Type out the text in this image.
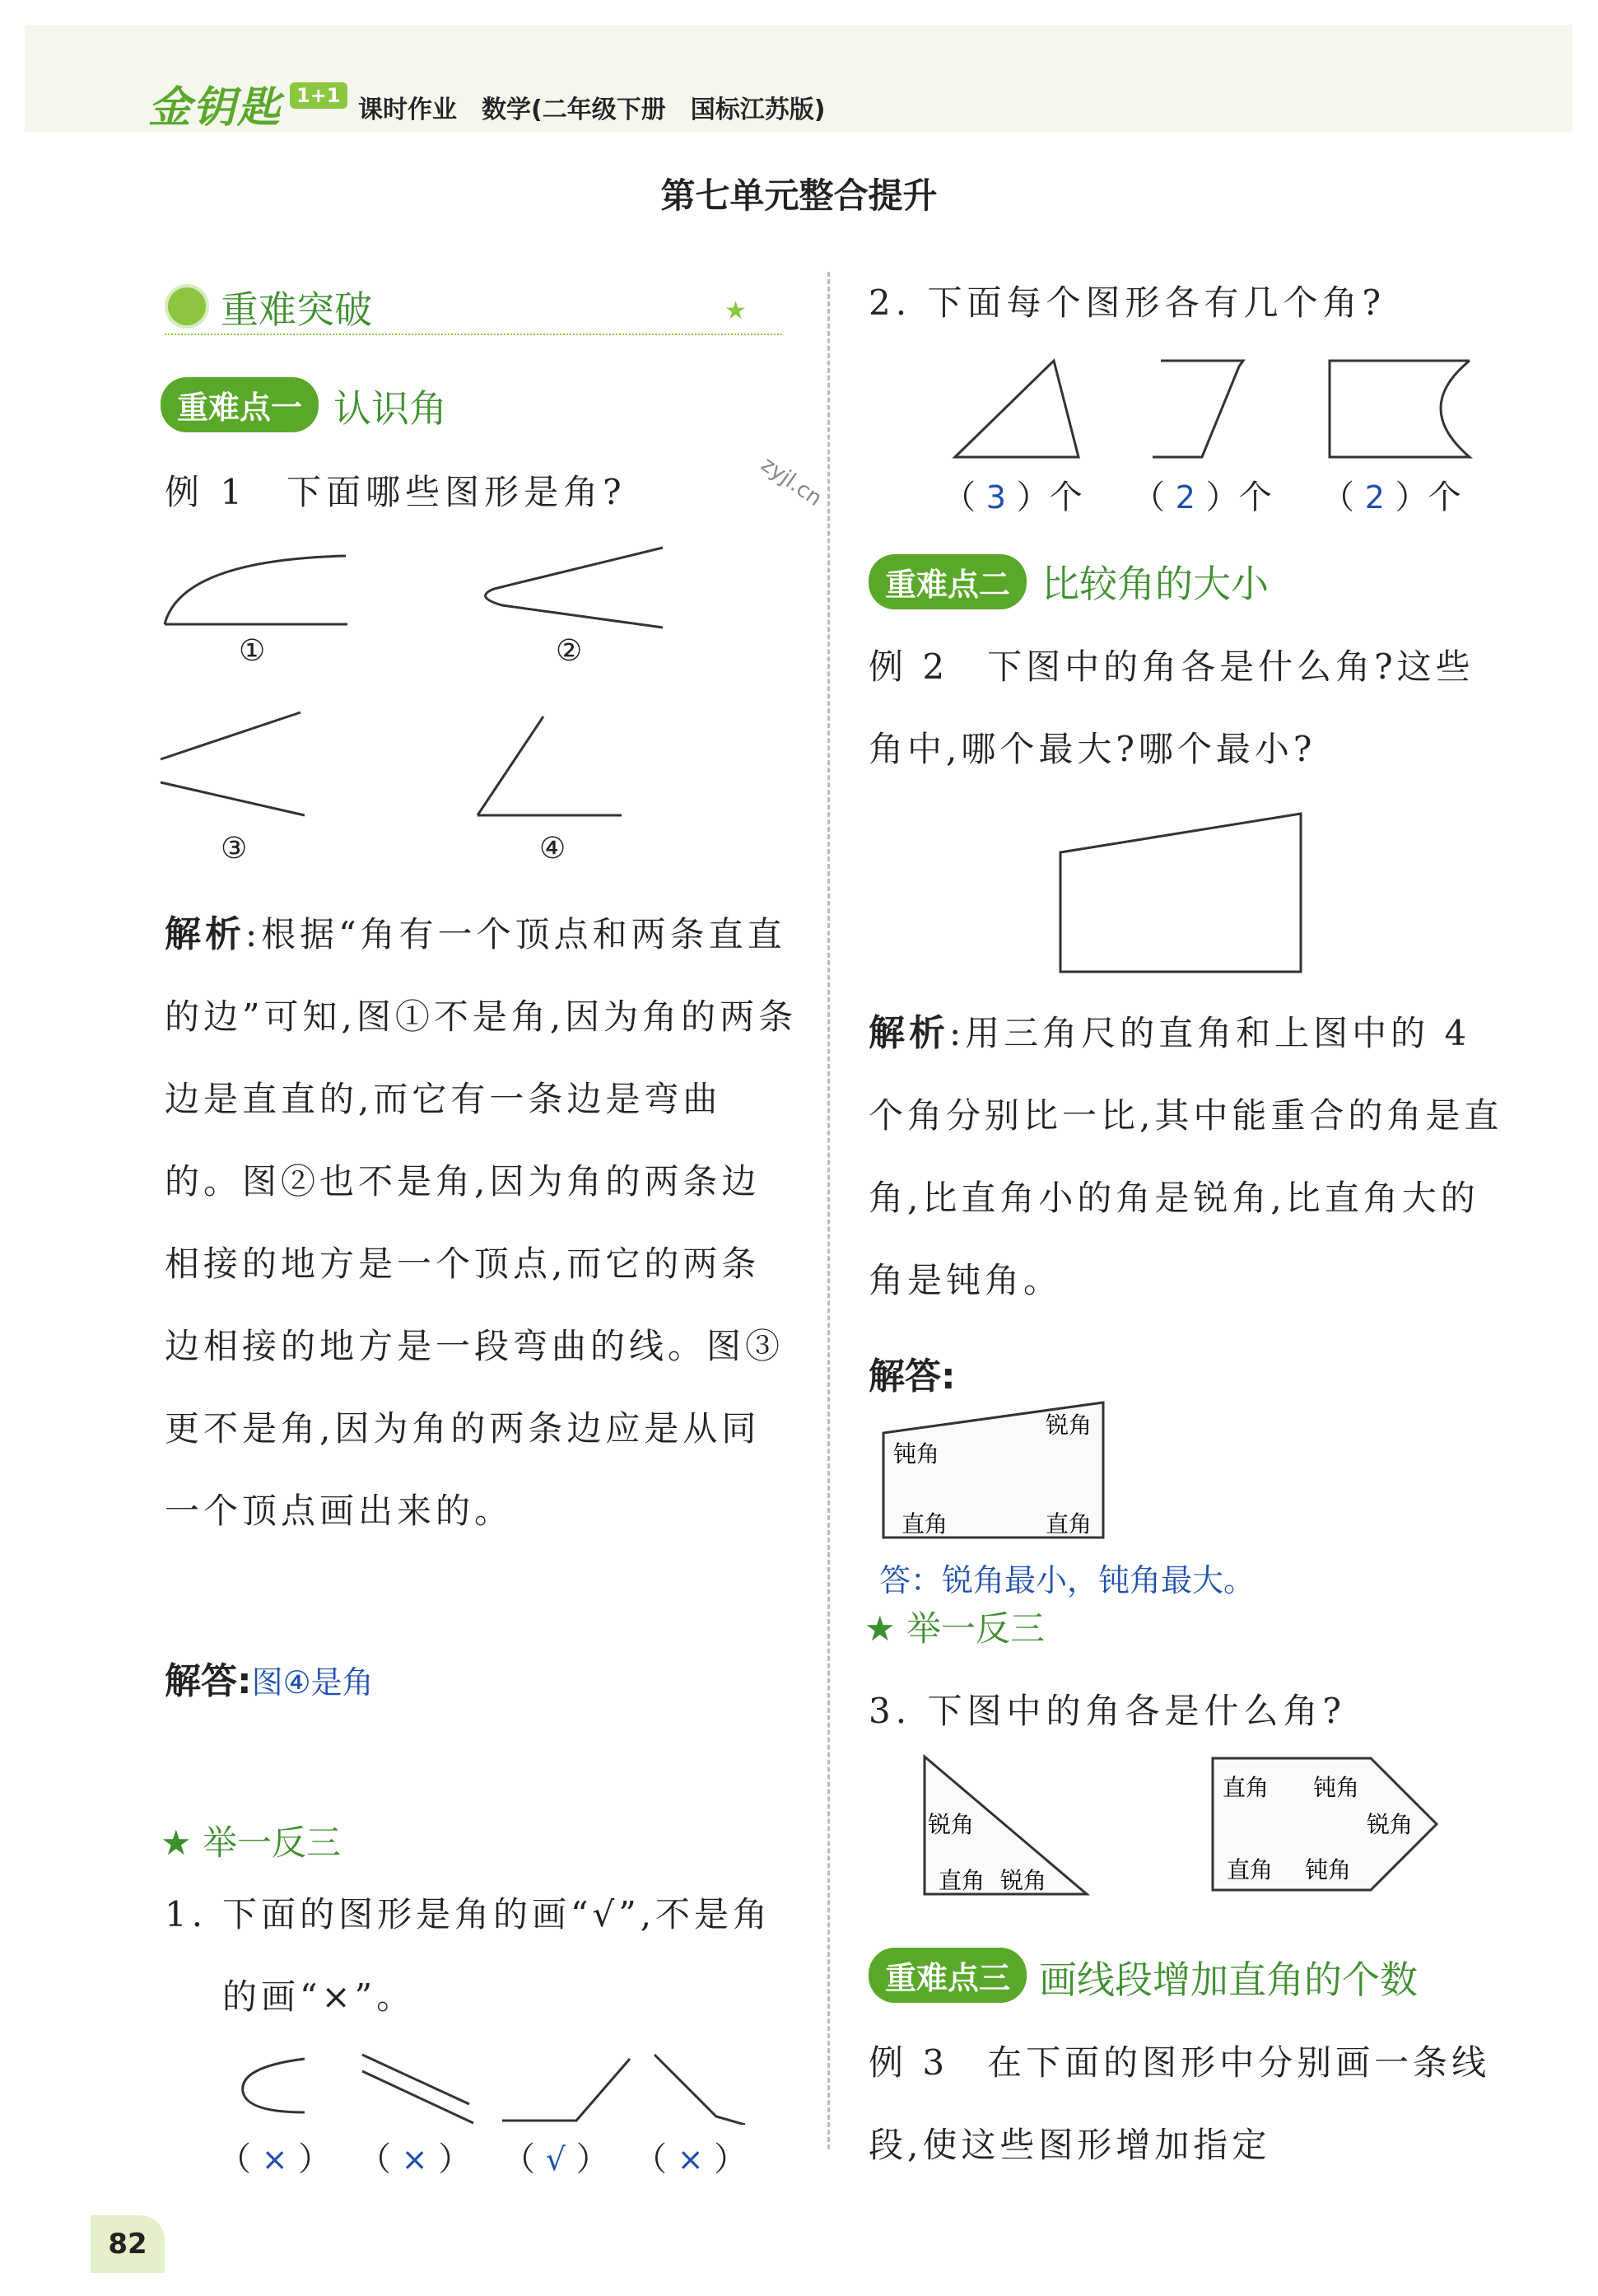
金钥匙 1+1 课时作业　数学(二年级下册　国标江苏版)
第七单元整合提升
zyjl.cn
重难突破	★
重难点一 认识角
例 1　下面哪些图形是角?
①	②
③	④
解析:根据“角有一个顶点和两条直直的边”可知,图①不是角,因为角的两条边是直直的,而它有一条边是弯曲的。图②也不是角,因为角的两条边相接的地方是一个顶点,而它的两条边相接的地方是一段弯曲的线。图③更不是角,因为角的两条边应是从同一个顶点画出来的。
解答:图④是角
★ 举一反三
1. 下面的图形是角的画“√”,不是角的画“×”。
（ × ） （ × ） （ √ ） （ × ）
2. 下面每个图形各有几个角?
（ 3 ）个 （ 2 ）个 （ 2 ）个
重难点二 比较角的大小
例 2　下图中的角各是什么角?这些角中,哪个最大?哪个最小?
解析:用三角尺的直角和上图中的 4 个角分别比一比,其中能重合的角是直角,比直角小的角是锐角,比直角大的角是钝角。
解答:
锐角
钝角
直角	直角
答：锐角最小，钝角最大。
★ 举一反三
3. 下图中的角各是什么角?
锐角
直角 锐角
直角 钝角
锐角
直角 钝角
重难点三 画线段增加直角的个数
例 3　在下面的图形中分别画一条线段,使这些图形增加指定
82
